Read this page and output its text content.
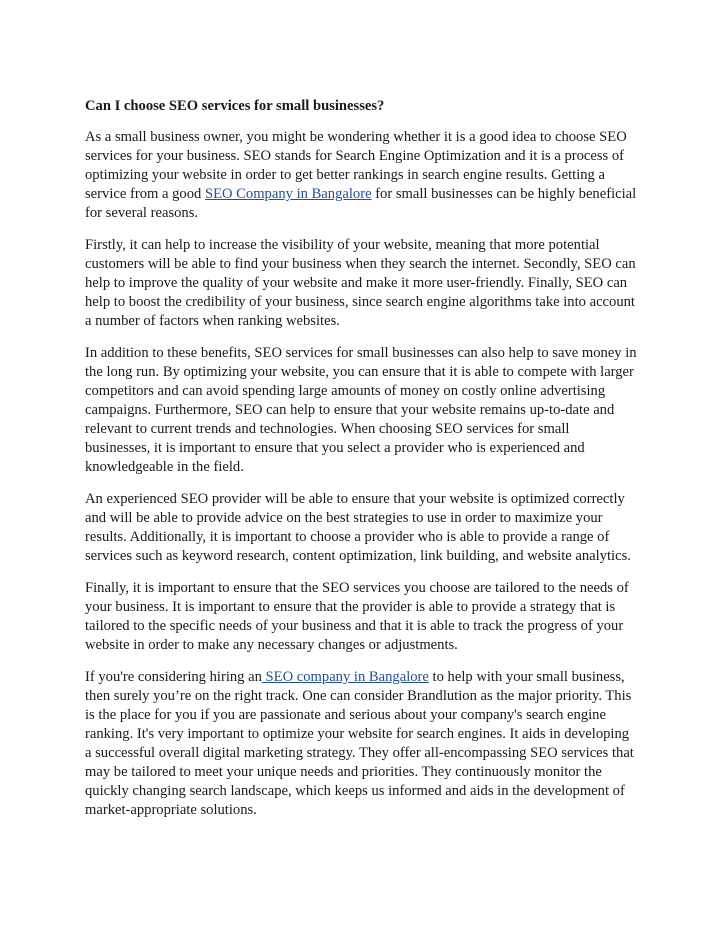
Can I choose SEO services for small businesses?

As a small business owner, you might be wondering whether it is a good idea to choose SEO services for your business. SEO stands for Search Engine Optimization and it is a process of optimizing your website in order to get better rankings in search engine results. Getting a service from a good SEO Company in Bangalore for small businesses can be highly beneficial for several reasons.

Firstly, it can help to increase the visibility of your website, meaning that more potential customers will be able to find your business when they search the internet. Secondly, SEO can help to improve the quality of your website and make it more user-friendly. Finally, SEO can help to boost the credibility of your business, since search engine algorithms take into account a number of factors when ranking websites.

In addition to these benefits, SEO services for small businesses can also help to save money in the long run. By optimizing your website, you can ensure that it is able to compete with larger competitors and can avoid spending large amounts of money on costly online advertising campaigns. Furthermore, SEO can help to ensure that your website remains up-to-date and relevant to current trends and technologies. When choosing SEO services for small businesses, it is important to ensure that you select a provider who is experienced and knowledgeable in the field.

An experienced SEO provider will be able to ensure that your website is optimized correctly and will be able to provide advice on the best strategies to use in order to maximize your results. Additionally, it is important to choose a provider who is able to provide a range of services such as keyword research, content optimization, link building, and website analytics.

Finally, it is important to ensure that the SEO services you choose are tailored to the needs of your business. It is important to ensure that the provider is able to provide a strategy that is tailored to the specific needs of your business and that it is able to track the progress of your website in order to make any necessary changes or adjustments.

If you're considering hiring an SEO company in Bangalore to help with your small business, then surely you’re on the right track. One can consider Brandlution as the major priority. This is the place for you if you are passionate and serious about your company's search engine ranking. It's very important to optimize your website for search engines. It aids in developing a successful overall digital marketing strategy. They offer all-encompassing SEO services that may be tailored to meet your unique needs and priorities. They continuously monitor the quickly changing search landscape, which keeps us informed and aids in the development of market-appropriate solutions.
